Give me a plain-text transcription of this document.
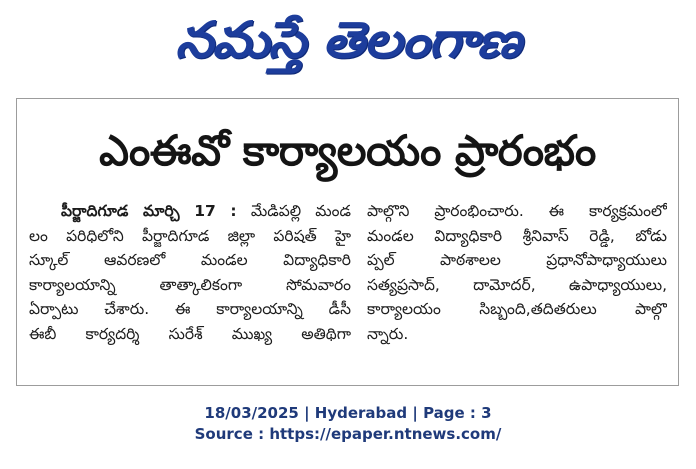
నమస్తే తెలంగాణ
ఎంఈవో కార్యాలయం ప్రారంభం

పీర్జాదిగూడ మార్చి 17 : మేడిపల్లి మండ

లం పరిధిలోని పీర్జాదిగూడ జిల్లా పరిషత్ హై

స్కూల్ ఆవరణలో మండల విద్యాధికారి

కార్యాలయాన్ని తాత్కాలికంగా సోమవారం

ఏర్పాటు చేశారు. ఈ కార్యాలయాన్ని డీసీ

ఈబీ కార్యదర్శి సురేశ్ ముఖ్య అతిథిగా

పాల్గొని ప్రారంభించారు. ఈ కార్యక్రమంలో

మండల విద్యాధికారి శ్రీనివాస్ రెడ్డి, బోడు

ప్పల్ పాఠశాలల ప్రధానోపాధ్యాయులు

సత్యప్రసాద్, దామోదర్, ఉపాధ్యాయులు,

కార్యాలయం సిబ్బంది,తదితరులు పాల్గొ

న్నారు.

18/03/2025 | Hyderabad | Page : 3
Source : https://epaper.ntnews.com/
